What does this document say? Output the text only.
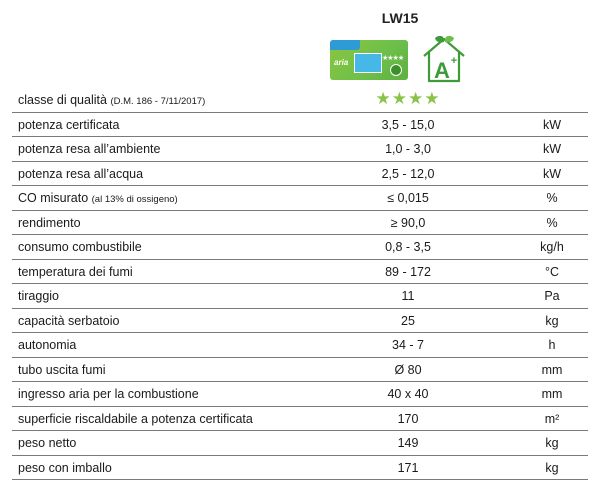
LW15
aria	★★★★ A +
classe di qualità (D.M. 186 - 7/11/2017)	★★★★
potenza certificata	3,5 - 15,0	kW
potenza resa all’ambiente	1,0 - 3,0	kW
potenza resa all’acqua	2,5 - 12,0	kW
CO misurato (al 13% di ossigeno)	≤ 0,015	%
rendimento	≥ 90,0	%
consumo combustibile	0,8 - 3,5	kg/h
temperatura dei fumi	89 - 172	°C
tiraggio	11	Pa
capacità serbatoio	25	kg
autonomia	34 - 7	h
tubo uscita fumi	Ø 80	mm
ingresso aria per la combustione	40 x 40	mm
superficie riscaldabile a potenza certificata	170	m²
peso netto	149	kg
peso con imballo	171	kg
